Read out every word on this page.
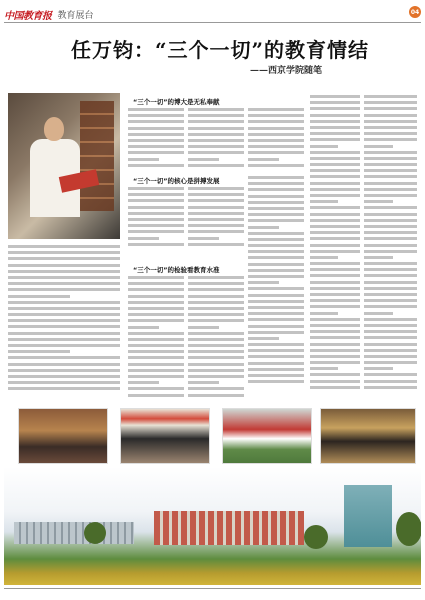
中国教育报 教育展台	04
任万钧：“三个一切”的教育情结
——西京学院随笔
“三个一切”的博大是无私奉献
“三个一切”的核心是拼搏发展
“三个一切”的检验看教育水准
